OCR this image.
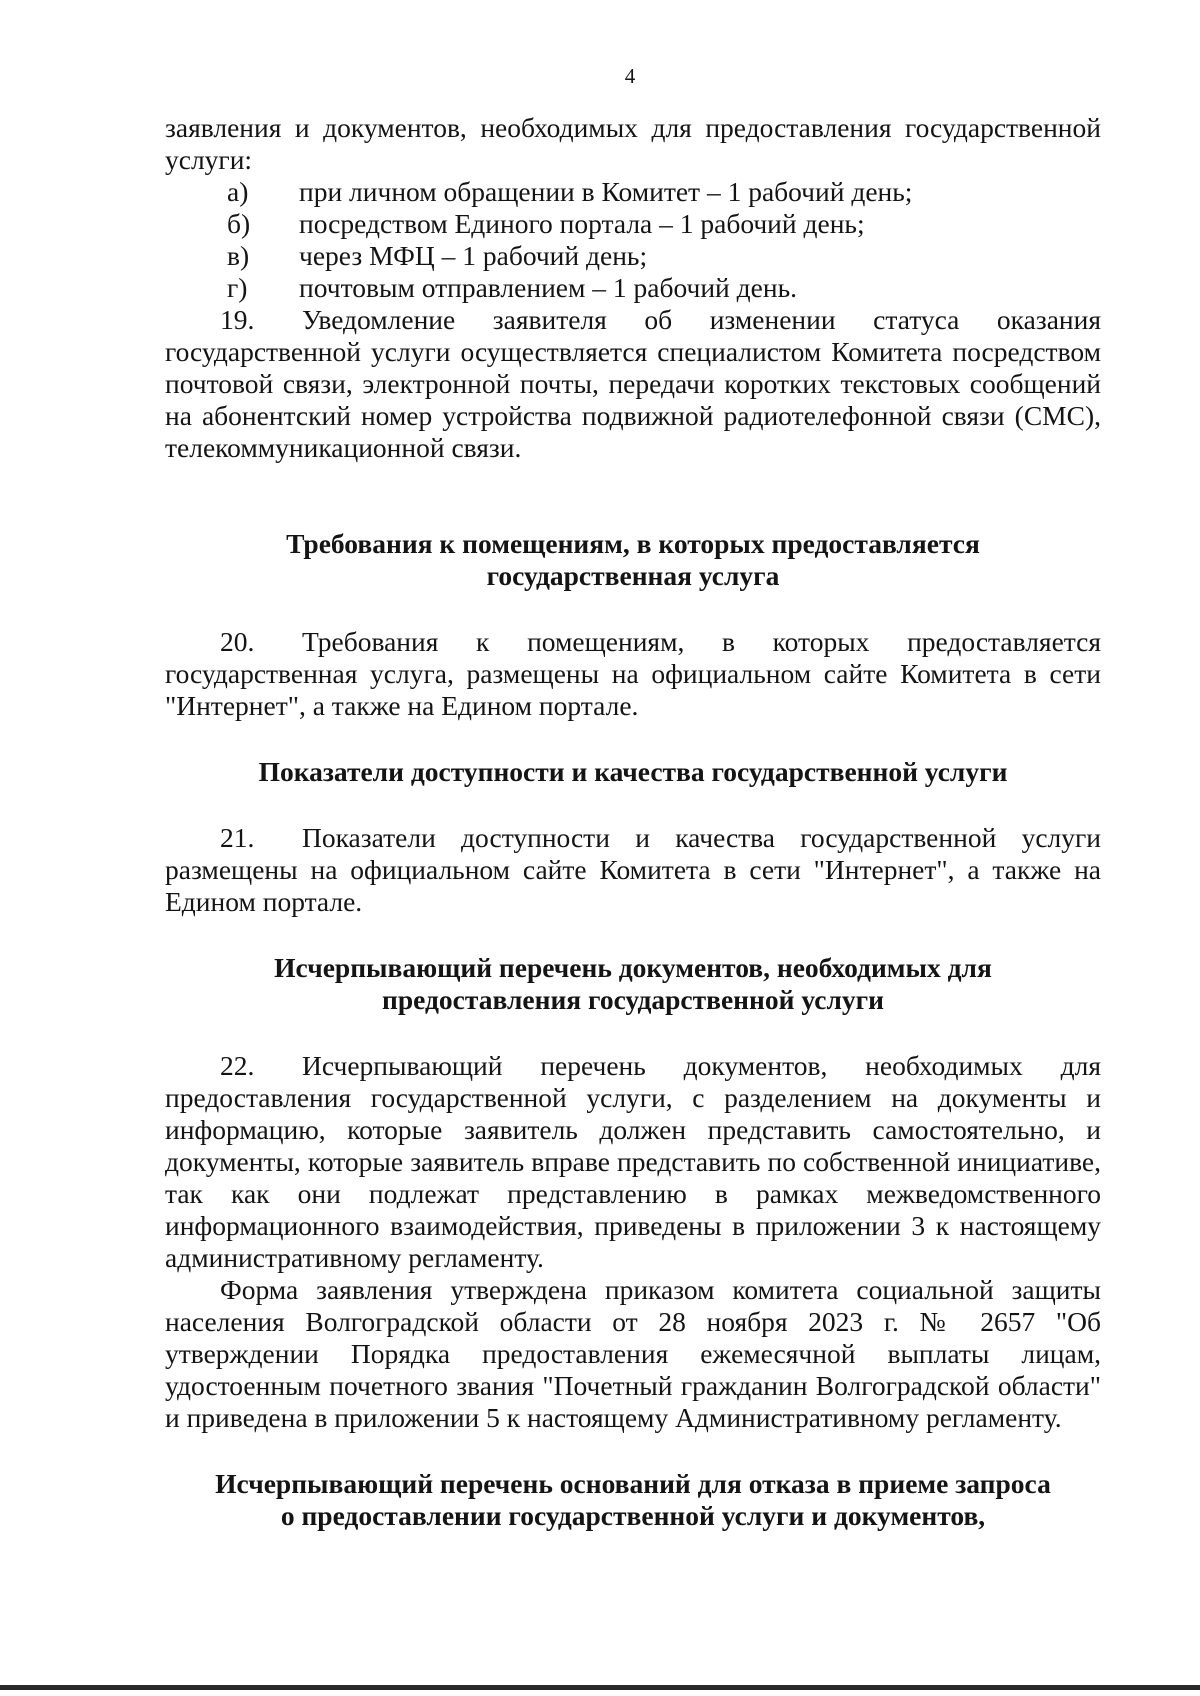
4

заявления и документов, необходимых для предоставления государственной услуги:

а)	при личном обращении в Комитет – 1 рабочий день;
б)	посредством Единого портала – 1 рабочий день;
в)	через МФЦ – 1 рабочий день;
г)	почтовым отправлением – 1 рабочий день.

19. Уведомление заявителя об изменении статуса оказания государственной услуги осуществляется специалистом Комитета посредством почтовой связи, электронной почты, передачи коротких текстовых сообщений на абонентский номер устройства подвижной радиотелефонной связи (СМС), телекоммуникационной связи.

Требования к помещениям, в которых предоставляется
государственная услуга

20. Требования к помещениям, в которых предоставляется государственная услуга, размещены на официальном сайте Комитета в сети "Интернет", а также на Едином портале.

Показатели доступности и качества государственной услуги

21. Показатели доступности и качества государственной услуги размещены на официальном сайте Комитета в сети "Интернет", а также на Едином портале.

Исчерпывающий перечень документов, необходимых для
предоставления государственной услуги

22. Исчерпывающий перечень документов, необходимых для предоставления государственной услуги, с разделением на документы и информацию, которые заявитель должен представить самостоятельно, и документы, которые заявитель вправе представить по собственной инициативе, так как они подлежат представлению в рамках межведомственного информационного взаимодействия, приведены в приложении 3 к настоящему административному регламенту.

Форма заявления утверждена приказом комитета социальной защиты населения Волгоградской области от 28 ноября 2023 г. № 2657 "Об утверждении Порядка предоставления ежемесячной выплаты лицам, удостоенным почетного звания "Почетный гражданин Волгоградской области" и приведена в приложении 5 к настоящему Административному регламенту.

Исчерпывающий перечень оснований для отказа в приеме запроса
о предоставлении государственной услуги и документов,
